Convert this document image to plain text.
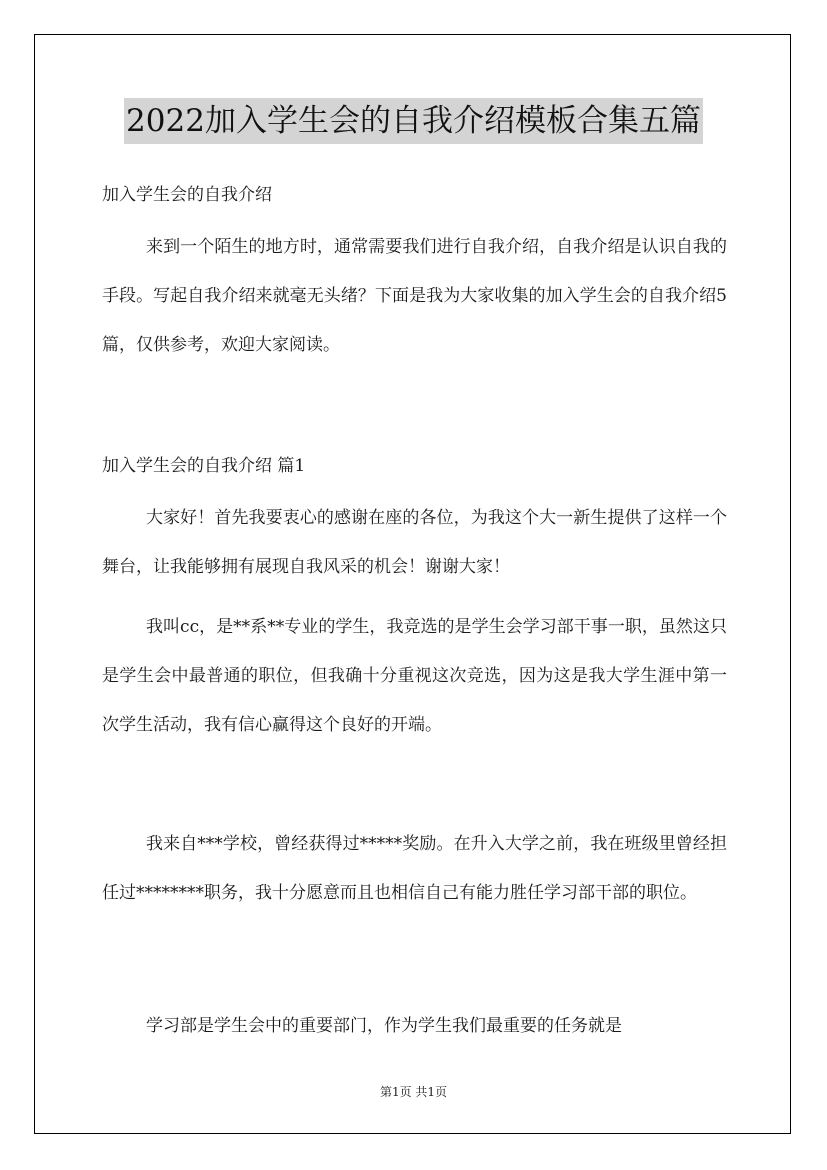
2022加入学生会的自我介绍模板合集五篇
加入学生会的自我介绍

来到一个陌生的地方时，通常需要我们进行自我介绍，自我介绍是认识自我的手段。写起自我介绍来就毫无头绪？下面是我为大家收集的加入学生会的自我介绍5篇，仅供参考，欢迎大家阅读。

加入学生会的自我介绍 篇1

大家好！首先我要衷心的感谢在座的各位，为我这个大一新生提供了这样一个舞台，让我能够拥有展现自我风采的机会！谢谢大家！

我叫cc，是**系**专业的学生，我竞选的是学生会学习部干事一职，虽然这只是学生会中最普通的职位，但我确十分重视这次竞选，因为这是我大学生涯中第一次学生活动，我有信心赢得这个良好的开端。

我来自***学校，曾经获得过*****奖励。在升入大学之前，我在班级里曾经担任过********职务，我十分愿意而且也相信自己有能力胜任学习部干部的职位。

学习部是学生会中的重要部门，作为学生我们最重要的任务就是

第1页 共1页
